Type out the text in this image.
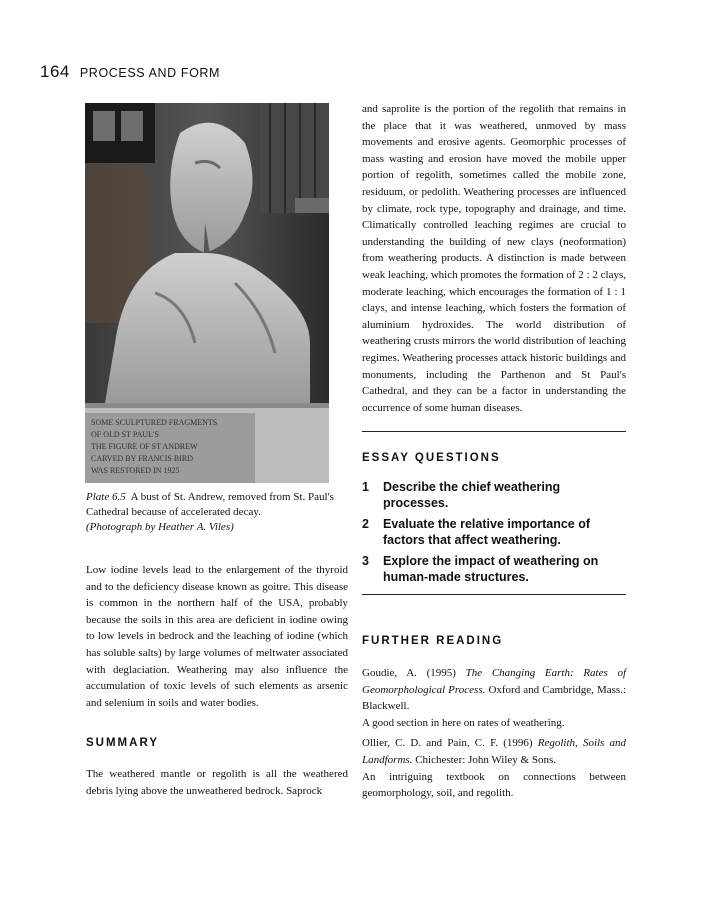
164 PROCESS AND FORM
SOME SCULPTURED FRAGMENTS
OF OLD ST PAUL'S
THE FIGURE OF ST ANDREW
CARVED BY FRANCIS BIRD
WAS RESTORED IN 1925

Plate 6.5 A bust of St. Andrew, removed from St. Paul's Cathedral because of accelerated decay.

(Photograph by Heather A. Viles)

Low iodine levels lead to the enlargement of the thyroid and to the deficiency disease known as goitre. This disease is common in the northern half of the USA, probably because the soils in this area are deficient in iodine owing to low levels in bedrock and the leaching of iodine (which has soluble salts) by large volumes of meltwater associated with deglaciation. Weathering may also influence the accumulation of toxic levels of such elements as arsenic and selenium in soils and water bodies.

SUMMARY

The weathered mantle or regolith is all the weathered debris lying above the unweathered bedrock. Saprock

and saprolite is the portion of the regolith that remains in the place that it was weathered, unmoved by mass movements and erosive agents. Geomorphic processes of mass wasting and erosion have moved the mobile upper portion of regolith, sometimes called the mobile zone, residuum, or pedolith. Weathering processes are influenced by climate, rock type, topography and drainage, and time. Climatically controlled leaching regimes are crucial to understanding the building of new clays (neoformation) from weathering products. A distinction is made between weak leaching, which promotes the formation of 2 : 2 clays, moderate leaching, which encourages the formation of 1 : 1 clays, and intense leaching, which fosters the formation of aluminium hydroxides. The world distribution of weathering crusts mirrors the world distribution of leaching regimes. Weathering processes attack historic buildings and monuments, including the Parthenon and St Paul's Cathedral, and they can be a factor in understanding the occurrence of some human diseases.

ESSAY QUESTIONS
1	Describe the chief weathering processes.
2	Evaluate the relative importance of factors that affect weathering.
3	Explore the impact of weathering on human-made structures.
FURTHER READING

Goudie, A. (1995) The Changing Earth: Rates of Geomorphological Process. Oxford and Cambridge, Mass.: Blackwell.

A good section in here on rates of weathering.

Ollier, C. D. and Pain, C. F. (1996) Regolith, Soils and Landforms. Chichester: John Wiley & Sons.

An intriguing textbook on connections between geomorphology, soil, and regolith.
